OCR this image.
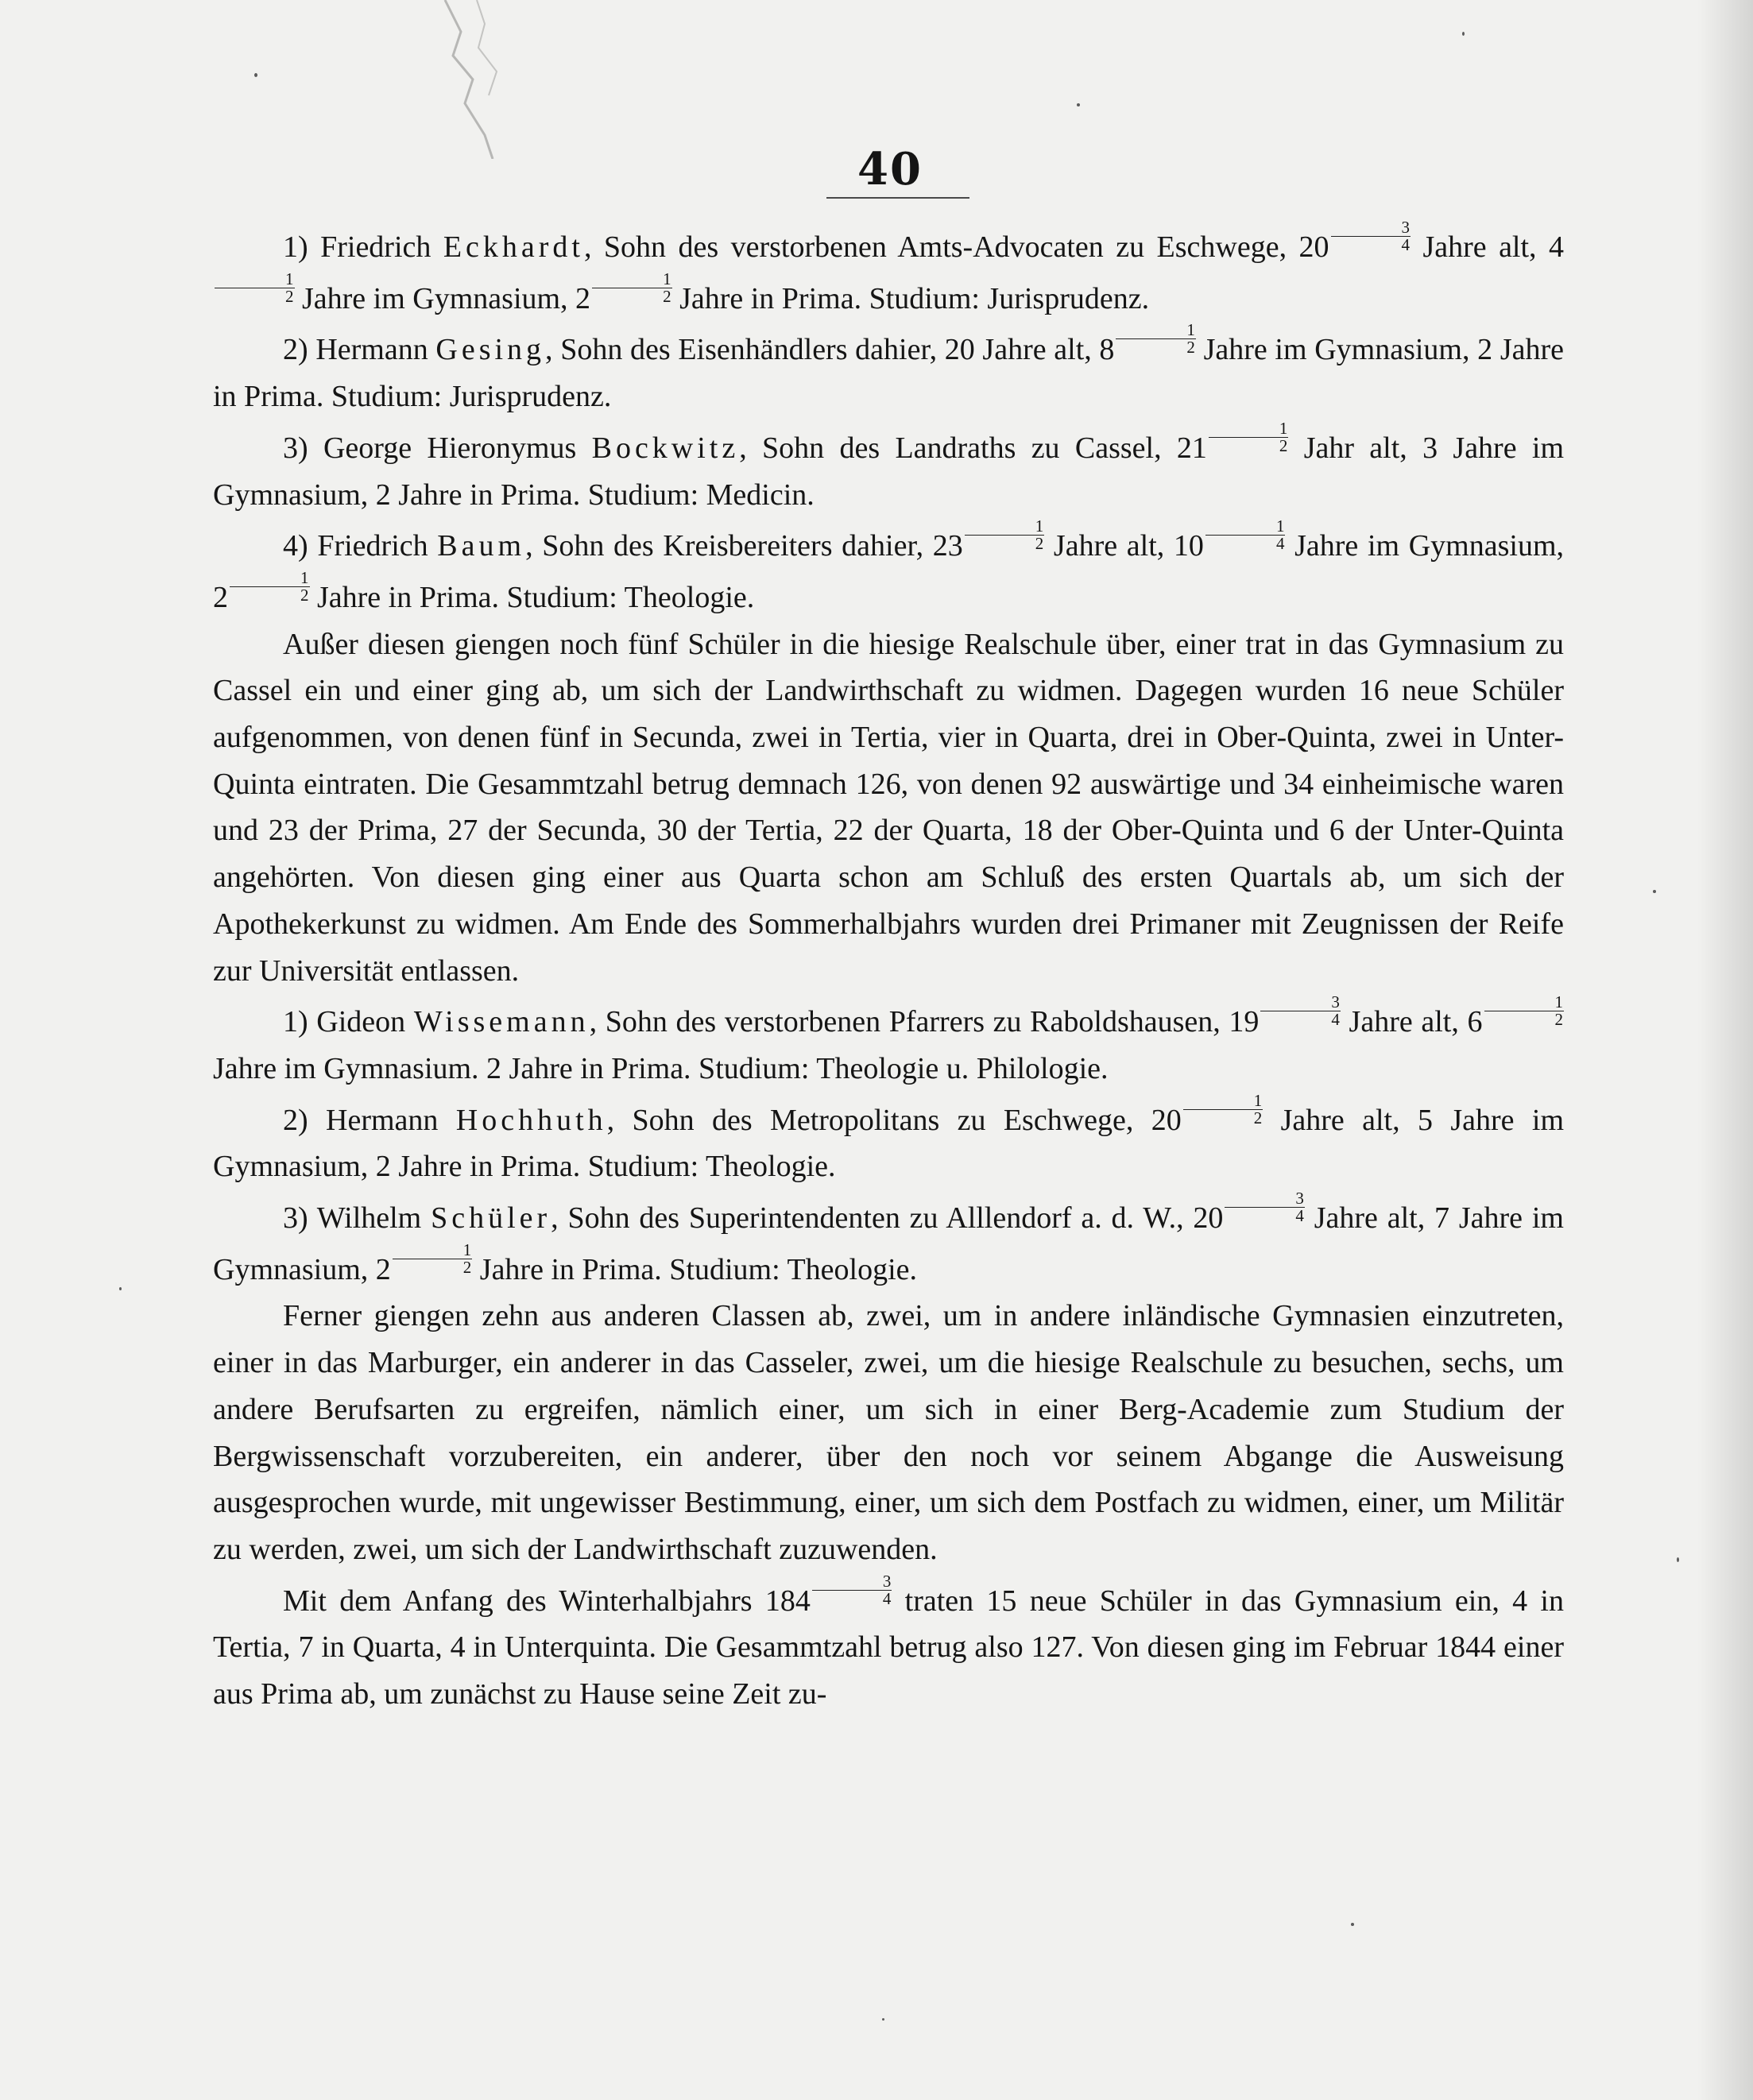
40

1) Friedrich Eckhardt, Sohn des verstorbenen Amts-Advocaten zu Eschwege, $20 \frac{3}{4}$ Jahre alt, 4
$\frac{1}{2}$ Jahre im Gymnasium, $2 \frac{1}{2}$ Jahre in Prima. Studium: Jurisprudenz.

2) Hermann Gesing, Sohn des Eisenhändlers dahier, 20 Jahre alt, $8 \frac{1}{2}$ Jahre im Gymnasium, 2 Jahre in Prima. Studium: Jurisprudenz.

3) George Hieronymus Bockwitz, Sohn des Landraths zu Cassel, $21 \frac{1}{2}$ Jahr alt, 3 Jahre im Gymnasium, 2 Jahre in Prima. Studium: Medicin.

4) Friedrich Baum, Sohn des Kreisbereiters dahier, $23 \frac{1}{2}$ Jahre alt, $10 \frac{1}{4}$ Jahre im Gymnasium, $2 \frac{1}{2}$ Jahre in Prima. Studium: Theologie.

Außer diesen giengen noch fünf Schüler in die hiesige Realschule über, einer trat in das Gymnasium zu Cassel ein und einer ging ab, um sich der Landwirthschaft zu widmen. Dagegen wurden 16 neue Schüler aufgenommen, von denen fünf in Secunda, zwei in Tertia, vier in Quarta, drei in Ober-Quinta, zwei in Unter-Quinta eintraten. Die Gesammtzahl betrug demnach 126, von denen 92 auswärtige und 34 einheimische waren und 23 der Prima, 27 der Secunda, 30 der Tertia, 22 der Quarta, 18 der Ober-Quinta und 6 der Unter-Quinta angehörten. Von diesen ging einer aus Quarta schon am Schluß des ersten Quartals ab, um sich der Apothekerkunst zu widmen. Am Ende des Sommerhalbjahrs wurden drei Primaner mit Zeugnissen der Reife zur Universität entlassen.

1) Gideon Wissemann, Sohn des verstorbenen Pfarrers zu Raboldshausen, $19 \frac{3}{4}$ Jahre alt, $6 \frac{1}{2}$
Jahre im Gymnasium. 2 Jahre in Prima. Studium: Theologie u. Philologie.

2) Hermann Hochhuth, Sohn des Metropolitans zu Eschwege, $20 \frac{1}{2}$ Jahre alt, 5 Jahre im Gymnasium, 2 Jahre in Prima. Studium: Theologie.

3) Wilhelm Schüler, Sohn des Superintendenten zu Alllendorf a. d. W., $20 \frac{3}{4}$ Jahre alt, 7 Jahre im Gymnasium, $2 \frac{1}{2}$ Jahre in Prima. Studium: Theologie.

Ferner giengen zehn aus anderen Classen ab, zwei, um in andere inländische Gymnasien einzutreten, einer in das Marburger, ein anderer in das Casseler, zwei, um die hiesige Realschule zu besuchen, sechs, um andere Berufsarten zu ergreifen, nämlich einer, um sich in einer Berg-Academie zum Studium der Bergwissenschaft vorzubereiten, ein anderer, über den noch vor seinem Abgange die Ausweisung ausgesprochen wurde, mit ungewisser Bestimmung, einer, um sich dem Postfach zu widmen, einer, um Militär zu werden, zwei, um sich der Landwirthschaft zuzuwenden.

Mit dem Anfang des Winterhalbjahrs $184 \frac{3}{4}$ traten 15 neue Schüler in das Gymnasium ein, 4 in Tertia, 7 in Quarta, 4 in Unterquinta. Die Gesammtzahl betrug also 127. Von diesen ging im Februar 1844 einer aus Prima ab, um zunächst zu Hause seine Zeit zu-
